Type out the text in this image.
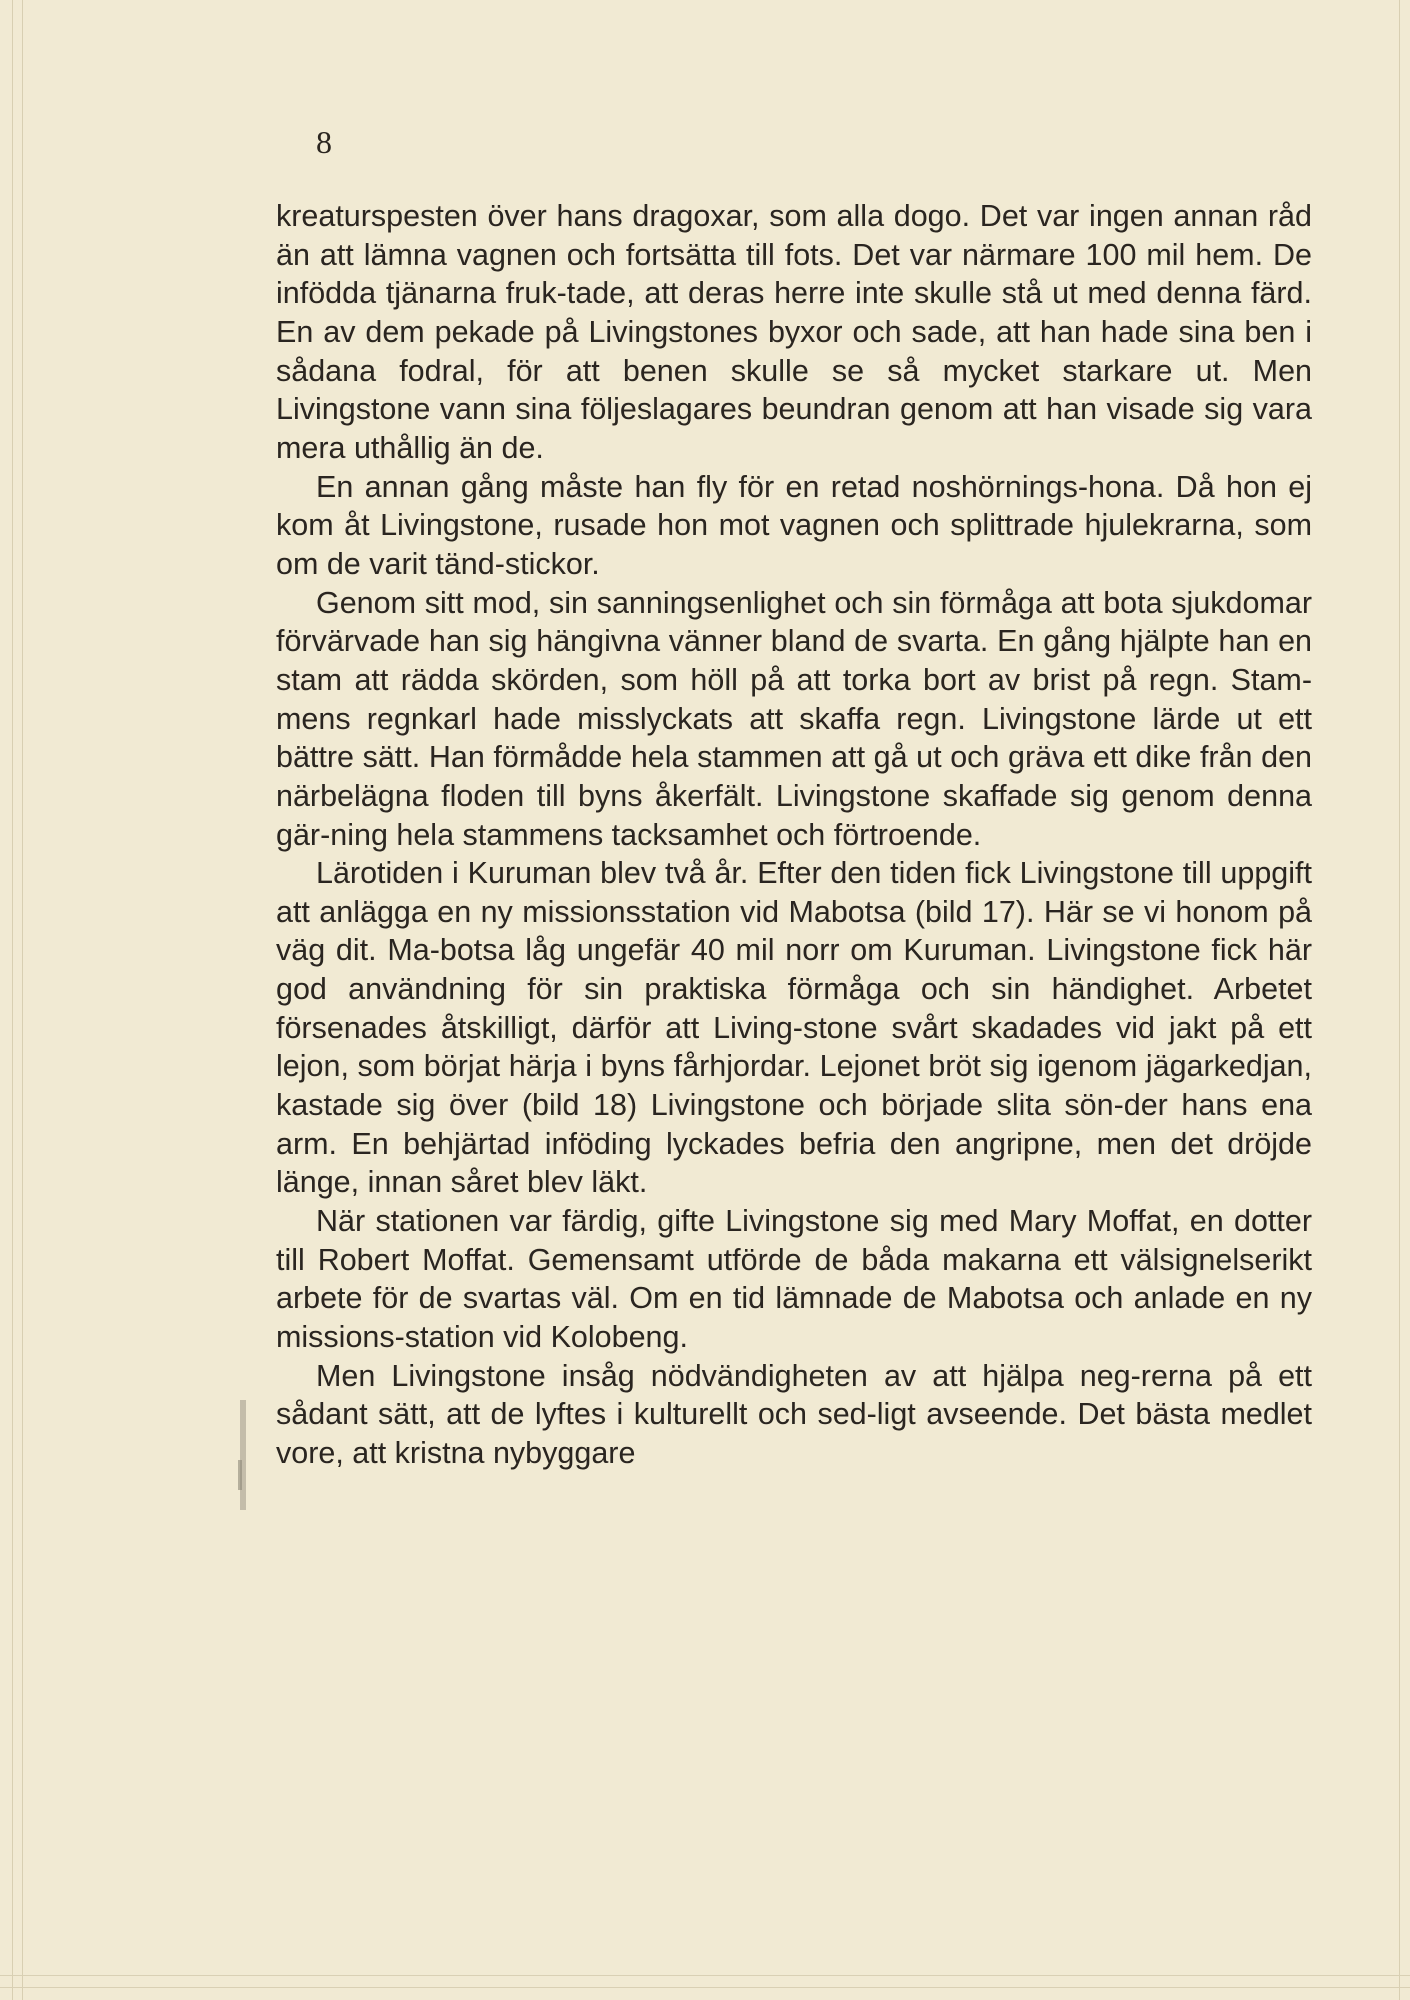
8

kreaturspesten över hans dragoxar, som alla dogo. Det var ingen annan råd än att lämna vagnen och fortsätta till fots. Det var närmare 100 mil hem. De infödda tjänarna fruk-tade, att deras herre inte skulle stå ut med denna färd. En av dem pekade på Livingstones byxor och sade, att han hade sina ben i sådana fodral, för att benen skulle se så mycket starkare ut. Men Livingstone vann sina följeslagares beundran genom att han visade sig vara mera uthållig än de.

En annan gång måste han fly för en retad noshörnings-hona. Då hon ej kom åt Livingstone, rusade hon mot vagnen och splittrade hjulekrarna, som om de varit tänd-stickor.

Genom sitt mod, sin sanningsenlighet och sin förmåga att bota sjukdomar förvärvade han sig hängivna vänner bland de svarta. En gång hjälpte han en stam att rädda skörden, som höll på att torka bort av brist på regn. Stam-mens regnkarl hade misslyckats att skaffa regn. Livingstone lärde ut ett bättre sätt. Han förmådde hela stammen att gå ut och gräva ett dike från den närbelägna floden till byns åkerfält. Livingstone skaffade sig genom denna gär-ning hela stammens tacksamhet och förtroende.

Lärotiden i Kuruman blev två år. Efter den tiden fick Livingstone till uppgift att anlägga en ny missionsstation vid Mabotsa (bild 17). Här se vi honom på väg dit. Ma-botsa låg ungefär 40 mil norr om Kuruman. Livingstone fick här god användning för sin praktiska förmåga och sin händighet. Arbetet försenades åtskilligt, därför att Living-stone svårt skadades vid jakt på ett lejon, som börjat härja i byns fårhjordar. Lejonet bröt sig igenom jägarkedjan, kastade sig över (bild 18) Livingstone och började slita sön-der hans ena arm. En behjärtad inföding lyckades befria den angripne, men det dröjde länge, innan såret blev läkt.

När stationen var färdig, gifte Livingstone sig med Mary Moffat, en dotter till Robert Moffat. Gemensamt utförde de båda makarna ett välsignelserikt arbete för de svartas väl. Om en tid lämnade de Mabotsa och anlade en ny missions-station vid Kolobeng.

Men Livingstone insåg nödvändigheten av att hjälpa neg-rerna på ett sådant sätt, att de lyftes i kulturellt och sed-ligt avseende. Det bästa medlet vore, att kristna nybyggare
